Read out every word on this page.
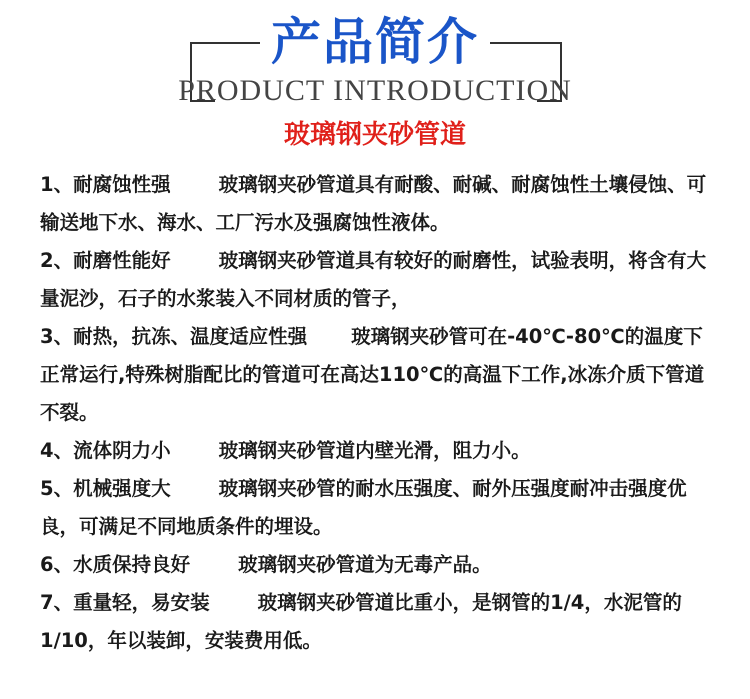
产品简介
PRODUCT INTRODUCTION
玻璃钢夹砂管道

1、耐腐蚀性强 玻璃钢夹砂管道具有耐酸、耐碱、耐腐蚀性土壤侵蚀、可输送地下水、海水、工厂污水及强腐蚀性液体。

2、耐磨性能好 玻璃钢夹砂管道具有较好的耐磨性，试验表明，将含有大量泥沙，石子的水浆装入不同材质的管子，

3、耐热，抗冻、温度适应性强 玻璃钢夹砂管可在-40℃-80℃的温度下正常运行,特殊树脂配比的管道可在高达110℃的高温下工作,冰冻介质下管道不裂。

4、流体阴力小 玻璃钢夹砂管道内壁光滑，阻力小。

5、机械强度大 玻璃钢夹砂管的耐水压强度、耐外压强度耐冲击强度优良，可满足不同地质条件的埋设。

6、水质保持良好 玻璃钢夹砂管道为无毒产品。

7、重量轻，易安装 玻璃钢夹砂管道比重小，是钢管的1/4，水泥管的1/10，年以装卸，安装费用低。
